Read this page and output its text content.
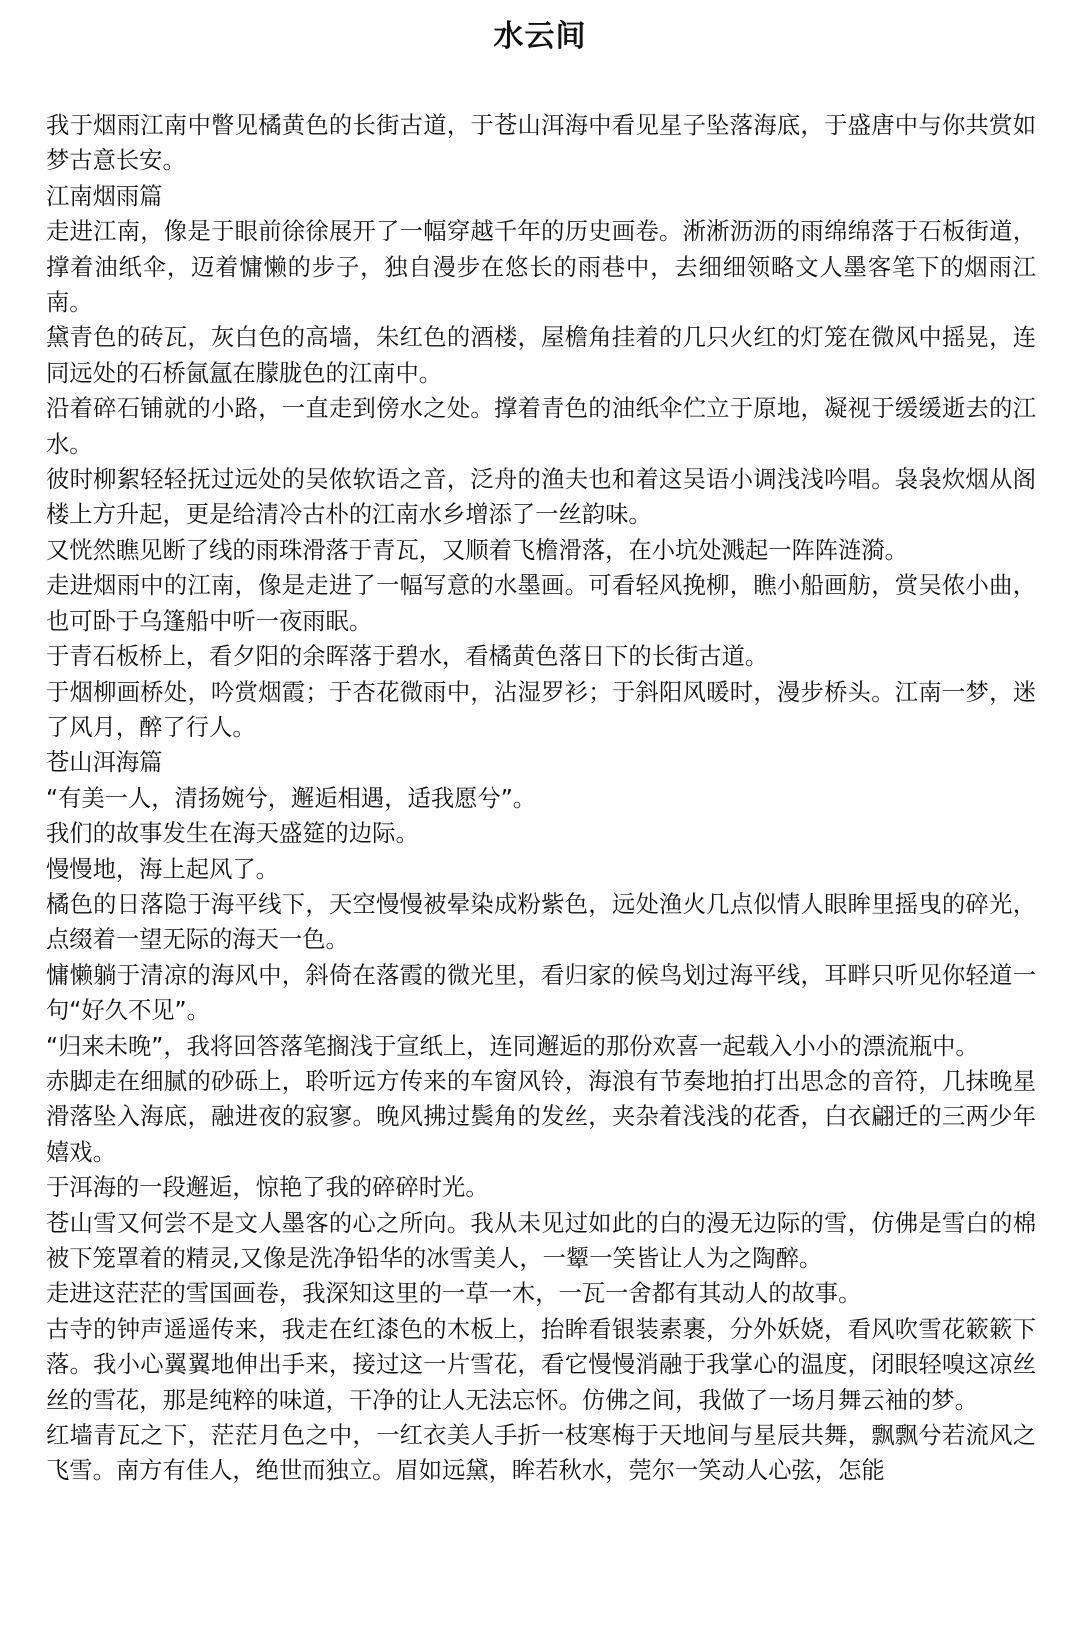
水云间

我于烟雨江南中瞥见橘黄色的长街古道，于苍山洱海中看见星子坠落海底，于盛唐中与你共赏如梦古意长安。

江南烟雨篇

走进江南，像是于眼前徐徐展开了一幅穿越千年的历史画卷。淅淅沥沥的雨绵绵落于石板街道，撑着油纸伞，迈着慵懒的步子，独自漫步在悠长的雨巷中，去细细领略文人墨客笔下的烟雨江南。

黛青色的砖瓦，灰白色的高墙，朱红色的酒楼，屋檐角挂着的几只火红的灯笼在微风中摇晃，连同远处的石桥氤氲在朦胧色的江南中。

沿着碎石铺就的小路，一直走到傍水之处。撑着青色的油纸伞伫立于原地，凝视于缓缓逝去的江水。

彼时柳絮轻轻抚过远处的吴侬软语之音，泛舟的渔夫也和着这吴语小调浅浅吟唱。袅袅炊烟从阁楼上方升起，更是给清冷古朴的江南水乡增添了一丝韵味。

又恍然瞧见断了线的雨珠滑落于青瓦，又顺着飞檐滑落，在小坑处溅起一阵阵涟漪。

走进烟雨中的江南，像是走进了一幅写意的水墨画。可看轻风挽柳，瞧小船画舫，赏吴侬小曲，也可卧于乌篷船中听一夜雨眠。

于青石板桥上，看夕阳的余晖落于碧水，看橘黄色落日下的长街古道。

于烟柳画桥处，吟赏烟霞；于杏花微雨中，沾湿罗衫；于斜阳风暖时，漫步桥头。江南一梦，迷了风月，醉了行人。

苍山洱海篇

“有美一人，清扬婉兮，邂逅相遇，适我愿兮”。

我们的故事发生在海天盛筵的边际。

慢慢地，海上起风了。

橘色的日落隐于海平线下，天空慢慢被晕染成粉紫色，远处渔火几点似情人眼眸里摇曳的碎光，点缀着一望无际的海天一色。

慵懒躺于清凉的海风中，斜倚在落霞的微光里，看归家的候鸟划过海平线，耳畔只听见你轻道一句“好久不见”。

“归来未晚”，我将回答落笔搁浅于宣纸上，连同邂逅的那份欢喜一起载入小小的漂流瓶中。

赤脚走在细腻的砂砾上，聆听远方传来的车窗风铃，海浪有节奏地拍打出思念的音符，几抹晚星滑落坠入海底，融进夜的寂寥。晚风拂过鬓角的发丝，夹杂着浅浅的花香，白衣翩迁的三两少年嬉戏。

于洱海的一段邂逅，惊艳了我的碎碎时光。

苍山雪又何尝不是文人墨客的心之所向。我从未见过如此的白的漫无边际的雪，仿佛是雪白的棉被下笼罩着的精灵,又像是洗净铅华的冰雪美人，一颦一笑皆让人为之陶醉。

走进这茫茫的雪国画卷，我深知这里的一草一木，一瓦一舍都有其动人的故事。

古寺的钟声遥遥传来，我走在红漆色的木板上，抬眸看银装素裹，分外妖娆，看风吹雪花簌簌下落。我小心翼翼地伸出手来，接过这一片雪花，看它慢慢消融于我掌心的温度，闭眼轻嗅这凉丝丝的雪花，那是纯粹的味道，干净的让人无法忘怀。仿佛之间，我做了一场月舞云袖的梦。

红墙青瓦之下，茫茫月色之中，一红衣美人手折一枝寒梅于天地间与星辰共舞，飘飘兮若流风之飞雪。南方有佳人，绝世而独立。眉如远黛，眸若秋水，莞尔一笑动人心弦，怎能
